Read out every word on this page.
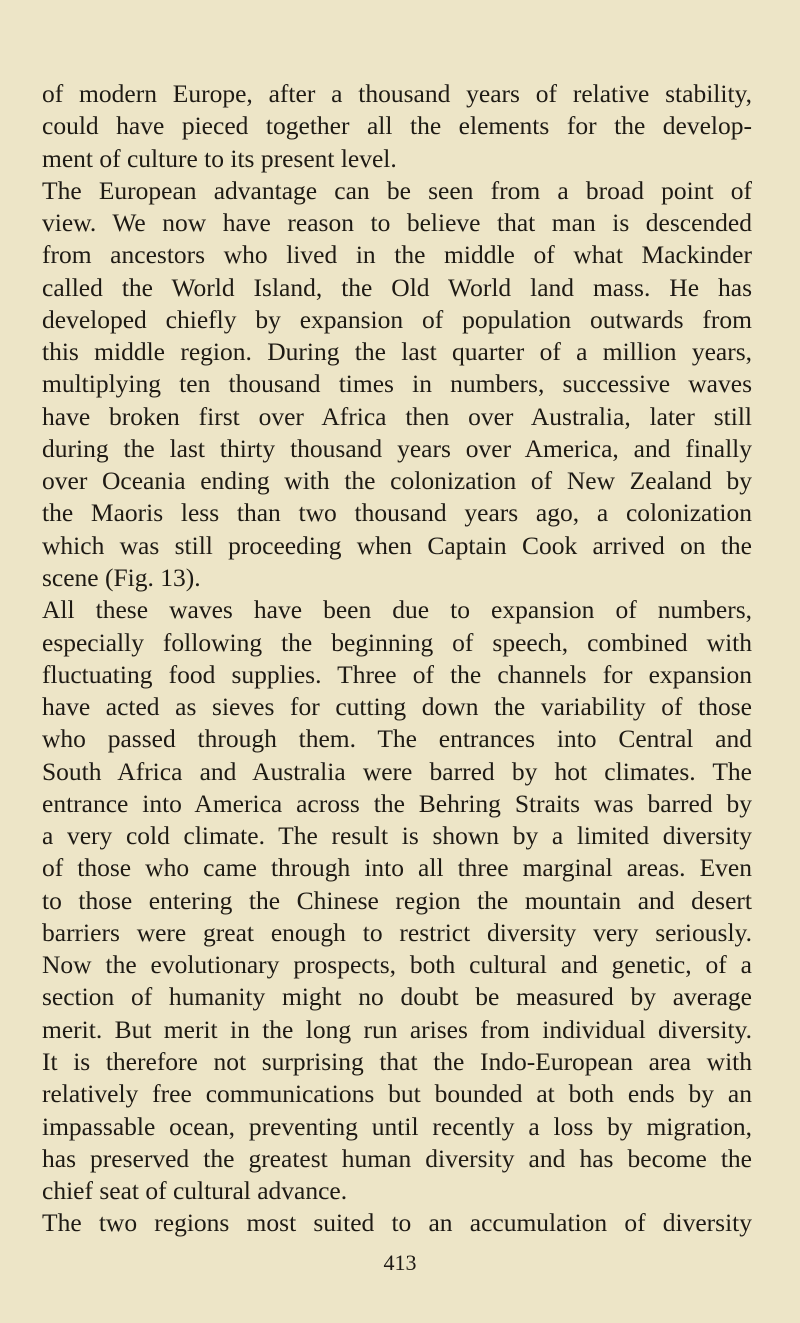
of modern Europe, after a thousand years of relative stability,
could have pieced together all the elements for the develop-
ment of culture to its present level.
The European advantage can be seen from a broad point of
view. We now have reason to believe that man is descended
from ancestors who lived in the middle of what Mackinder
called the World Island, the Old World land mass. He has
developed chiefly by expansion of population outwards from
this middle region. During the last quarter of a million years,
multiplying ten thousand times in numbers, successive waves
have broken first over Africa then over Australia, later still
during the last thirty thousand years over America, and finally
over Oceania ending with the colonization of New Zealand by
the Maoris less than two thousand years ago, a colonization
which was still proceeding when Captain Cook arrived on the
scene (Fig. 13).
All these waves have been due to expansion of numbers,
especially following the beginning of speech, combined with
fluctuating food supplies. Three of the channels for expansion
have acted as sieves for cutting down the variability of those
who passed through them. The entrances into Central and
South Africa and Australia were barred by hot climates. The
entrance into America across the Behring Straits was barred by
a very cold climate. The result is shown by a limited diversity
of those who came through into all three marginal areas. Even
to those entering the Chinese region the mountain and desert
barriers were great enough to restrict diversity very seriously.
Now the evolutionary prospects, both cultural and genetic, of a
section of humanity might no doubt be measured by average
merit. But merit in the long run arises from individual diversity.
It is therefore not surprising that the Indo-European area with
relatively free communications but bounded at both ends by an
impassable ocean, preventing until recently a loss by migration,
has preserved the greatest human diversity and has become the
chief seat of cultural advance.
The two regions most suited to an accumulation of diversity
413
